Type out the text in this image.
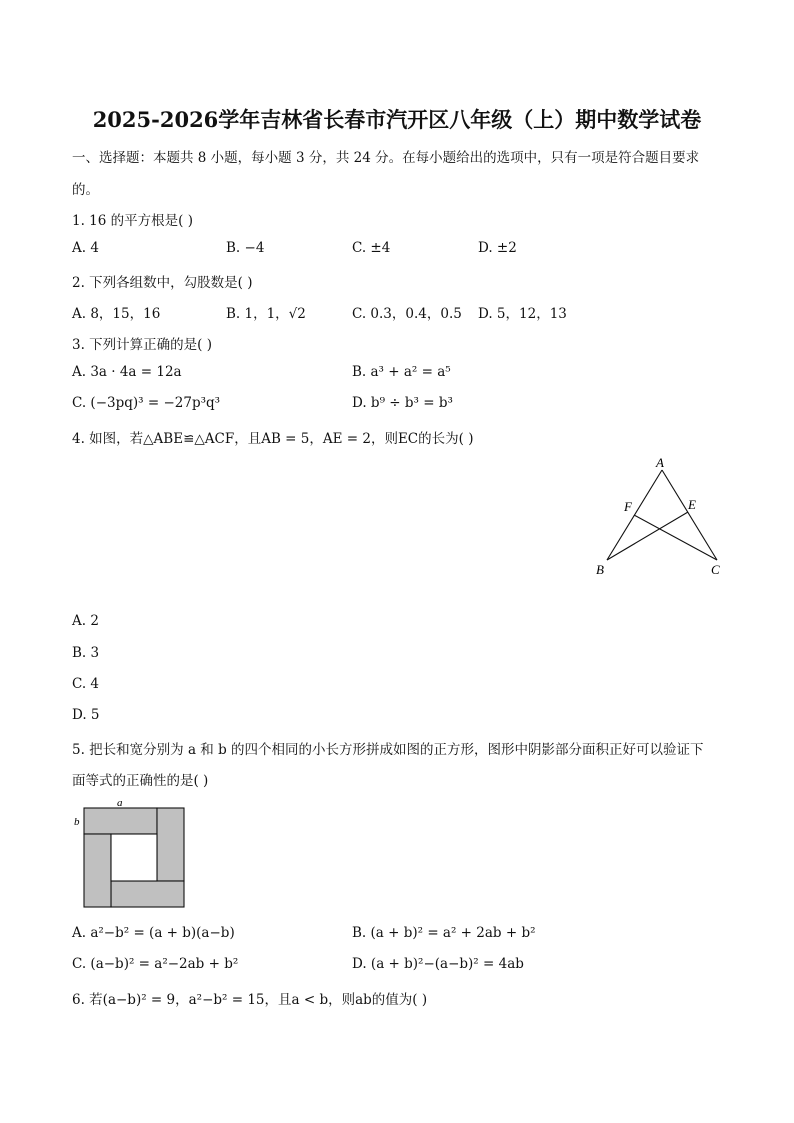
2025-2026学年吉林省长春市汽开区八年级（上）期中数学试卷
一、选择题：本题共 8 小题，每小题 3 分，共 24 分。在每小题给出的选项中，只有一项是符合题目要求
的。
1. 16 的平方根是( )
A. 4	B. −4	C. ±4	D. ±2
2. 下列各组数中，勾股数是( )
A. 8，15，16	B. 1，1，√2	C. 0.3，0.4，0.5 D. 5，12，13
3. 下列计算正确的是( )
A. 3a · 4a = 12a	B. a³ + a² = a⁵
C. (−3pq)³ = −27p³q³	D. b⁹ ÷ b³ = b³
4. 如图，若△ABE≌△ACF，且AB = 5，AE = 2，则EC的长为( )
A
B	C
E
F
A. 2
B. 3
C. 4
D. 5
5. 把长和宽分别为 a 和 b 的四个相同的小长方形拼成如图的正方形，图形中阴影部分面积正好可以验证下
面等式的正确性的是( )
a
b
A. a²−b² = (a + b)(a−b)	B. (a + b)² = a² + 2ab + b²
C. (a−b)² = a²−2ab + b²	D. (a + b)²−(a−b)² = 4ab
6. 若(a−b)² = 9，a²−b² = 15，且a < b，则ab的值为( )
